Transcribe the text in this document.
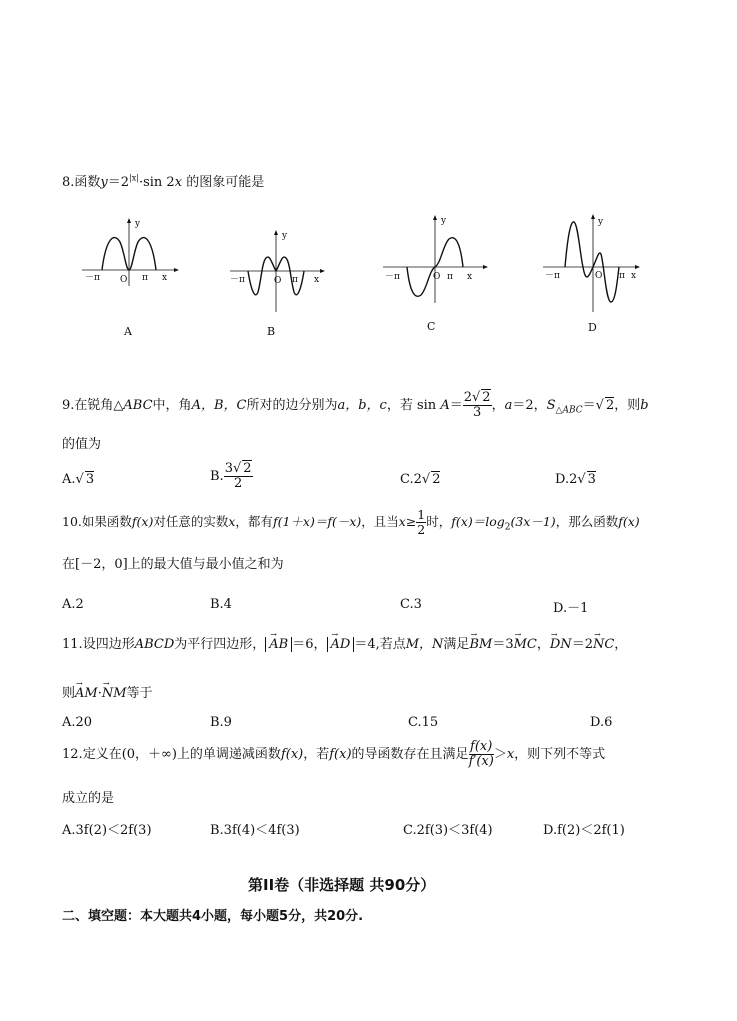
8.函数$y=2^{|x|}\cdot\sin$ 2x 的图象可能是
y
x
O
－π	π
A
y
x
O
－π	π
B
y
x
O
－π	π
C
y
x
O
－π	π
D
9.在锐角△ABC中，角A，B，C所对的边分别为a，b，c，若 $\sin A= \frac{2√ 2}{3}$ ，a＝2，$S_{\triangle ABC}=√$ 2，则b
的值为
A.√ 3	B. $\frac{3√ 2}{2}$	C.2√ 2	D.2√ 3
10.如果函数f(x)对任意的实数x，都有f(1＋x)＝f(－x)，且当$x\ge \frac{1}{2}$ 时，$f(x)=\log_2(3x-1)$，那么函数f(x)
在[－2，0]上的最大值与最小值之和为
A.2	B.4	C.3	D.－1
11.设四边形ABCD为平行四边形， → AB ＝6， → AD ＝4,若点M，N满足→ BM＝3→ MC，→ DN＝2→ NC，
则→ AM·→ NM等于
A.20	B.9	C.15	D.6
12.定义在(0，＋∞)上的单调递减函数f(x)，若f(x)的导函数存在且满足 $\frac{f(x)}{f'(x)} >x$，则下列不等式
成立的是
A.3f(2)＜2f(3)	B.3f(4)＜4f(3)	C.2f(3)＜3f(4)	D.f(2)＜2f(1)
第II卷（非选择题 共90分）
二、填空题：本大题共4小题，每小题5分，共20分.
